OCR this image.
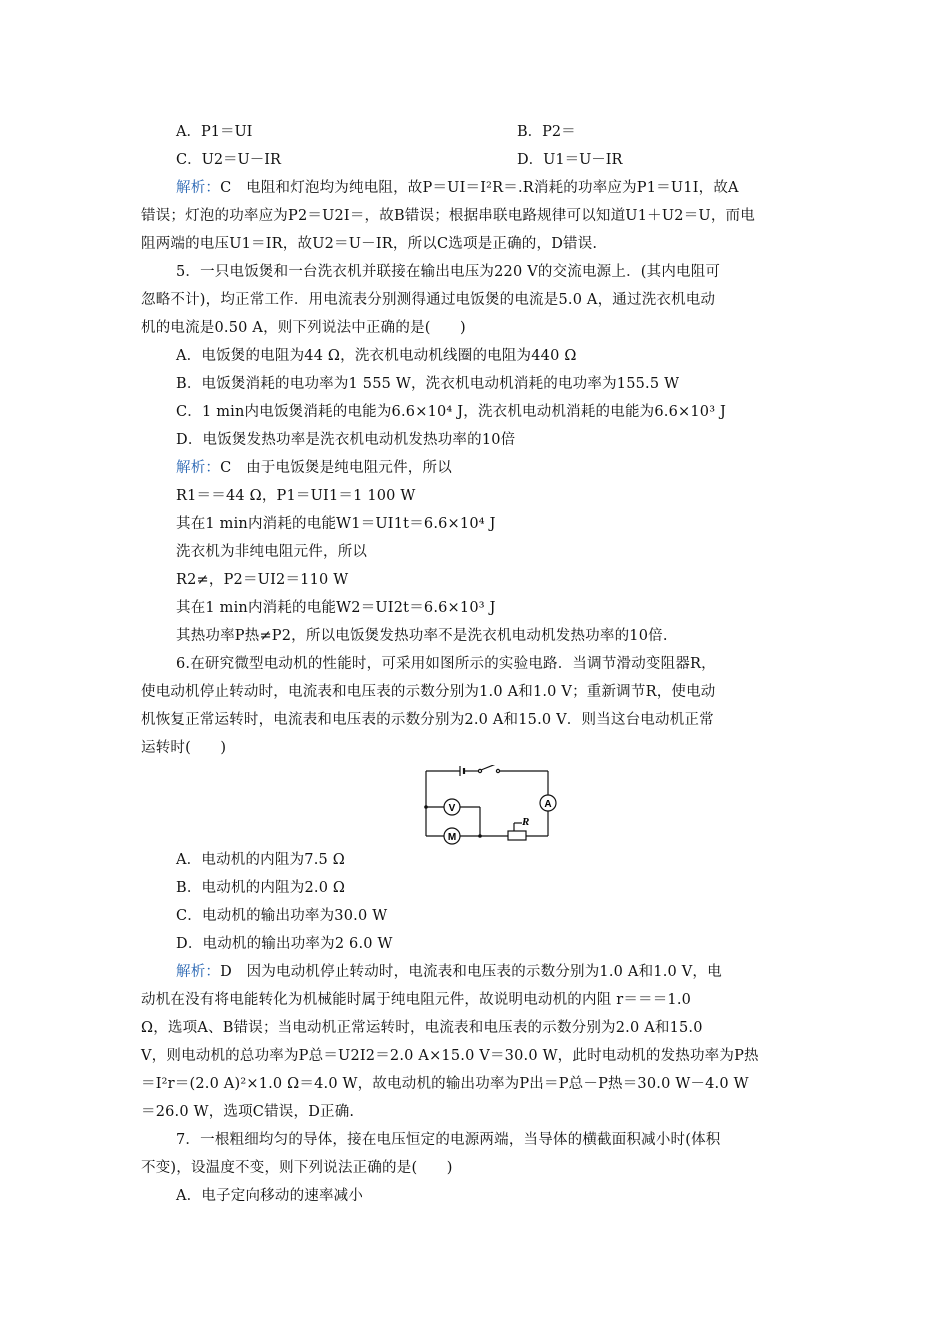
A．P1＝UI	B．P2＝
C．U2＝U－IR	D．U1＝U－IR
解析：C　电阻和灯泡均为纯电阻，故P＝UI＝I²R＝.R消耗的功率应为P1＝U1I，故A
错误；灯泡的功率应为P2＝U2I＝，故B错误；根据串联电路规律可以知道U1＋U2＝U，而电
阻两端的电压U1＝IR，故U2＝U－IR，所以C选项是正确的，D错误.
5．一只电饭煲和一台洗衣机并联接在输出电压为220 V的交流电源上．(其内电阻可
忽略不计)，均正常工作．用电流表分别测得通过电饭煲的电流是5.0 A，通过洗衣机电动
机的电流是0.50 A，则下列说法中正确的是(　　)
A．电饭煲的电阻为44 Ω，洗衣机电动机线圈的电阻为440 Ω
B．电饭煲消耗的电功率为1 555 W，洗衣机电动机消耗的电功率为155.5 W
C．1 min内电饭煲消耗的电能为6.6×10⁴ J，洗衣机电动机消耗的电能为6.6×10³ J
D．电饭煲发热功率是洗衣机电动机发热功率的10倍
解析：C　由于电饭煲是纯电阻元件，所以
R1＝＝44 Ω，P1＝UI1＝1 100 W
其在1 min内消耗的电能W1＝UI1t＝6.6×10⁴ J
洗衣机为非纯电阻元件，所以
R2≠，P2＝UI2＝110 W
其在1 min内消耗的电能W2＝UI2t＝6.6×10³ J
其热功率P热≠P2，所以电饭煲发热功率不是洗衣机电动机发热功率的10倍.
6.在研究微型电动机的性能时，可采用如图所示的实验电路．当调节滑动变阻器R，
使电动机停止转动时，电流表和电压表的示数分别为1.0 A和1.0 V；重新调节R，使电动
机恢复正常运转时，电流表和电压表的示数分别为2.0 A和15.0 V．则当这台电动机正常
运转时(　　)
A
V
M
R
A．电动机的内阻为7.5 Ω
B．电动机的内阻为2.0 Ω
C．电动机的输出功率为30.0 W
D．电动机的输出功率为2 6.0 W
解析：D　因为电动机停止转动时，电流表和电压表的示数分别为1.0 A和1.0 V，电
动机在没有将电能转化为机械能时属于纯电阻元件，故说明电动机的内阻 r＝＝＝1.0
Ω，选项A、B错误；当电动机正常运转时，电流表和电压表的示数分别为2.0 A和15.0
V，则电动机的总功率为P总＝U2I2＝2.0 A×15.0 V＝30.0 W，此时电动机的发热功率为P热
＝I²r＝(2.0 A)²×1.0 Ω＝4.0 W，故电动机的输出功率为P出＝P总－P热＝30.0 W－4.0 W
＝26.0 W，选项C错误，D正确.
7．一根粗细均匀的导体，接在电压恒定的电源两端，当导体的横截面积减小时(体积
不变)，设温度不变，则下列说法正确的是(　　)
A．电子定向移动的速率减小
